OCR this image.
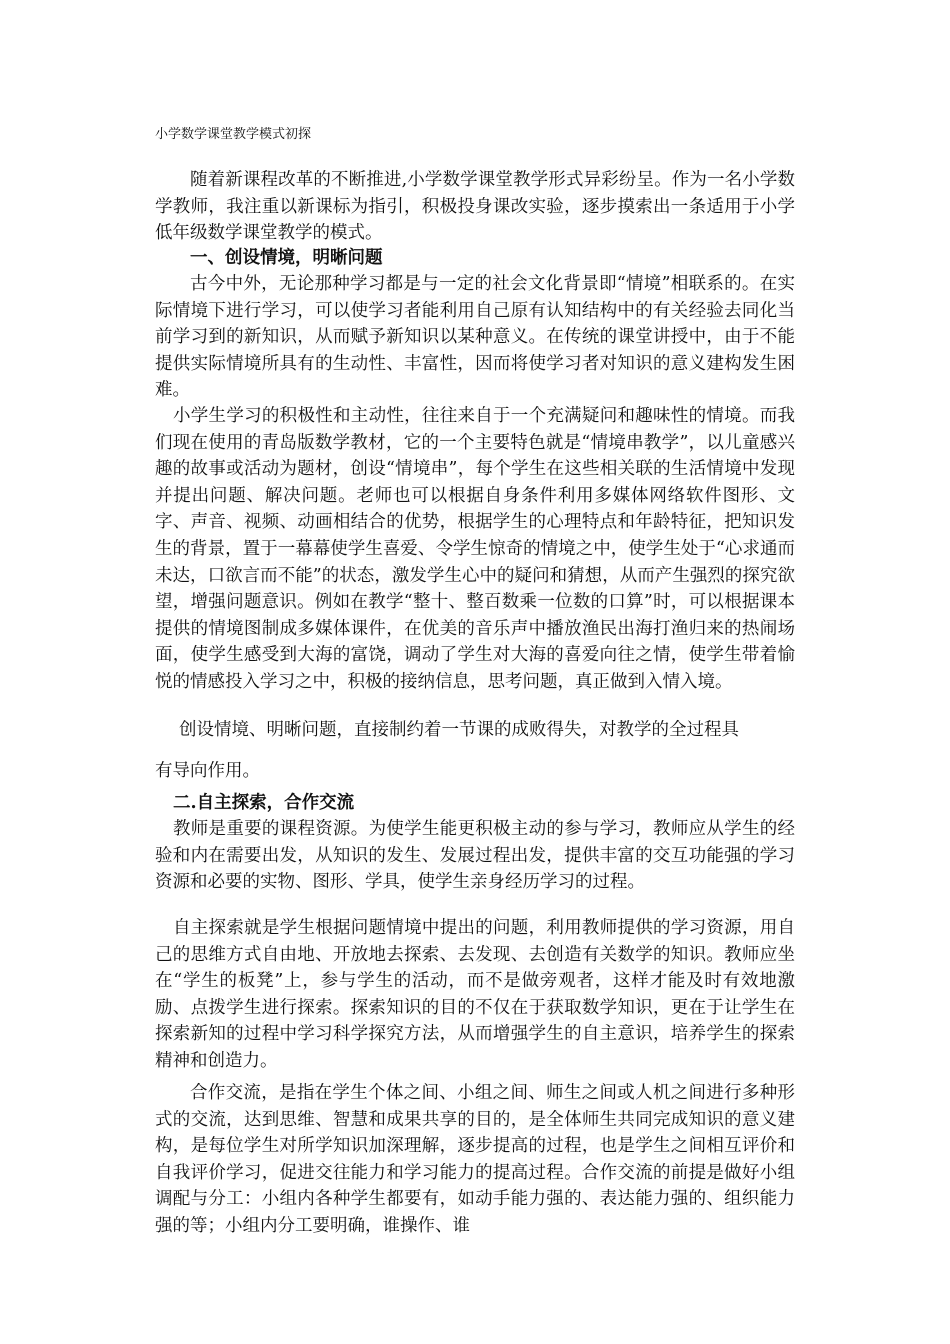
小学数学课堂教学模式初探

随着新课程改革的不断推进,小学数学课堂教学形式异彩纷呈。作为一名小学数学教师，我注重以新课标为指引，积极投身课改实验，逐步摸索出一条适用于小学低年级数学课堂教学的模式。

一、创设情境，明晰问题

古今中外，无论那种学习都是与一定的社会文化背景即“情境”相联系的。在实际情境下进行学习，可以使学习者能利用自己原有认知结构中的有关经验去同化当前学习到的新知识，从而赋予新知识以某种意义。在传统的课堂讲授中，由于不能提供实际情境所具有的生动性、丰富性，因而将使学习者对知识的意义建构发生困难。

小学生学习的积极性和主动性，往往来自于一个充满疑问和趣味性的情境。而我们现在使用的青岛版数学教材，它的一个主要特色就是“情境串教学”，以儿童感兴趣的故事或活动为题材，创设“情境串”，每个学生在这些相关联的生活情境中发现并提出问题、解决问题。老师也可以根据自身条件利用多媒体网络软件图形、文字、声音、视频、动画相结合的优势，根据学生的心理特点和年龄特征，把知识发生的背景，置于一幕幕使学生喜爱、令学生惊奇的情境之中，使学生处于“心求通而未达，口欲言而不能”的状态，激发学生心中的疑问和猜想，从而产生强烈的探究欲望，增强问题意识。例如在教学“整十、整百数乘一位数的口算”时，可以根据课本提供的情境图制成多媒体课件，在优美的音乐声中播放渔民出海打渔归来的热闹场面，使学生感受到大海的富饶，调动了学生对大海的喜爱向往之情，使学生带着愉悦的情感投入学习之中，积极的接纳信息，思考问题，真正做到入情入境。

创设情境、明晰问题，直接制约着一节课的成败得失，对教学的全过程具

有导向作用。

二.自主探索，合作交流

教师是重要的课程资源。为使学生能更积极主动的参与学习，教师应从学生的经验和内在需要出发，从知识的发生、发展过程出发，提供丰富的交互功能强的学习资源和必要的实物、图形、学具，使学生亲身经历学习的过程。

自主探索就是学生根据问题情境中提出的问题，利用教师提供的学习资源，用自己的思维方式自由地、开放地去探索、去发现、去创造有关数学的知识。教师应坐在“学生的板凳”上，参与学生的活动，而不是做旁观者，这样才能及时有效地激励、点拨学生进行探索。探索知识的目的不仅在于获取数学知识，更在于让学生在探索新知的过程中学习科学探究方法，从而增强学生的自主意识，培养学生的探索精神和创造力。

合作交流，是指在学生个体之间、小组之间、师生之间或人机之间进行多种形式的交流，达到思维、智慧和成果共享的目的，是全体师生共同完成知识的意义建构，是每位学生对所学知识加深理解，逐步提高的过程，也是学生之间相互评价和自我评价学习，促进交往能力和学习能力的提高过程。合作交流的前提是做好小组调配与分工：小组内各种学生都要有，如动手能力强的、表达能力强的、组织能力强的等；小组内分工要明确，谁操作、谁
